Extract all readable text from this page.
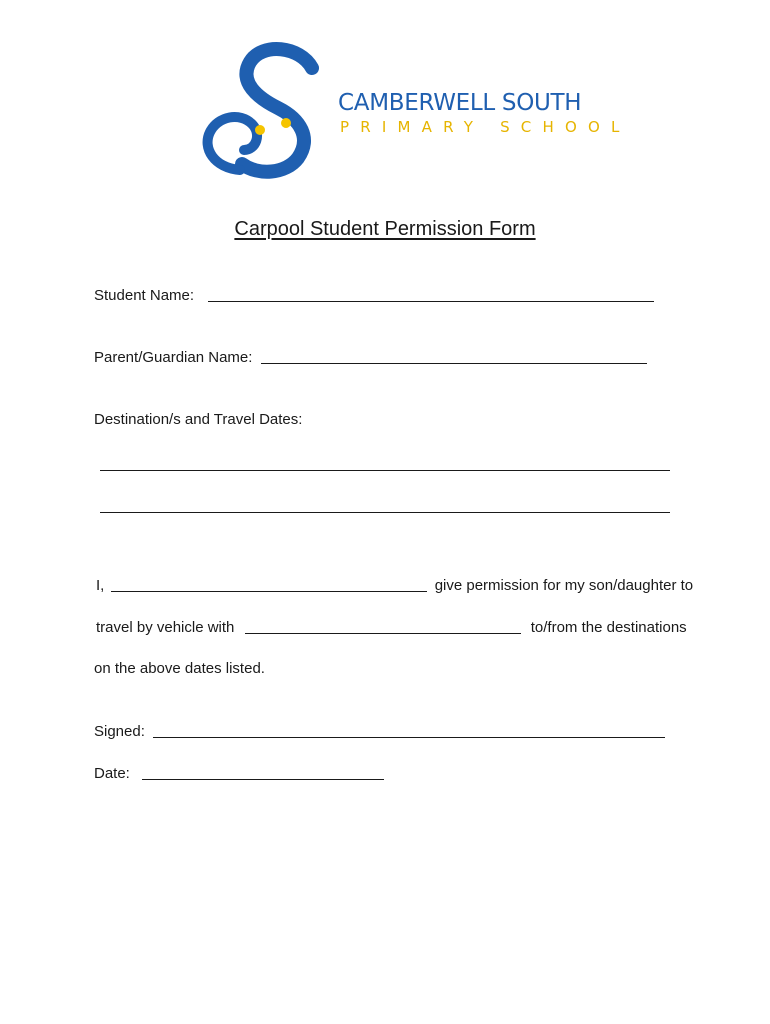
CAMBERWELL SOUTH
PRIMARY SCHOOL
Carpool Student Permission Form
Student Name:
Parent/Guardian Name:
Destination/s and Travel Dates:
I,	give permission for my son/daughter to
travel by vehicle with	to/from the destinations
on the above dates listed.
Signed:
Date:
